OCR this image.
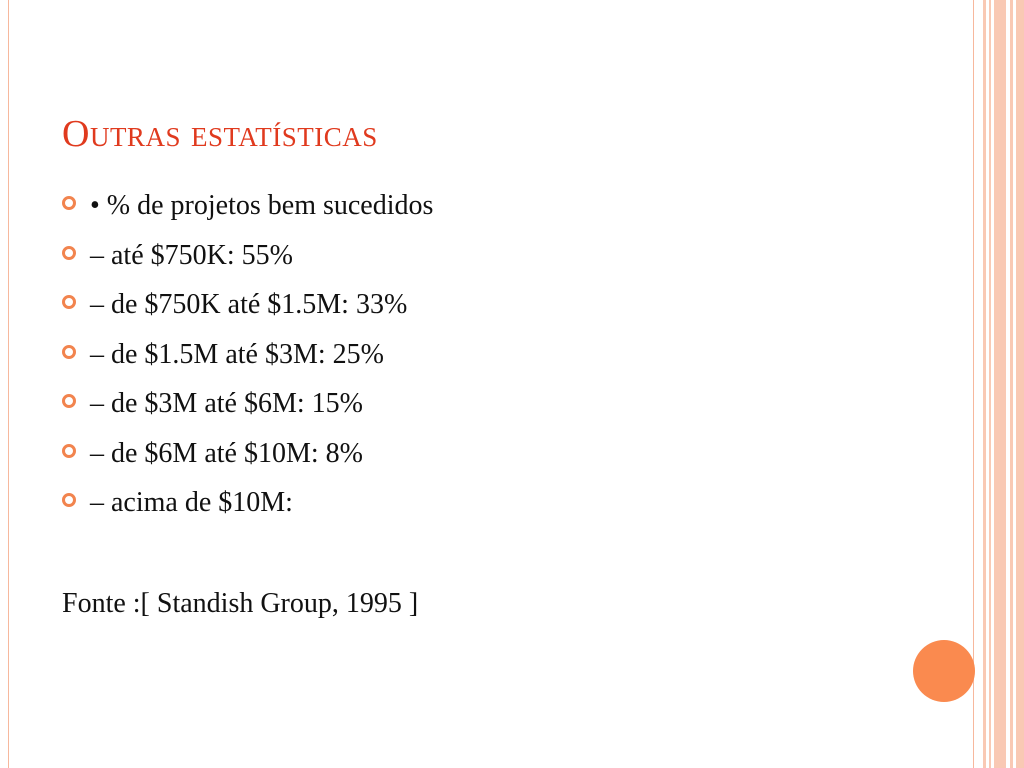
Outras estatísticas
• % de projetos bem sucedidos
– até $750K: 55%
– de $750K até $1.5M: 33%
– de $1.5M até $3M: 25%
– de $3M até $6M: 15%
– de $6M até $10M: 8%
– acima de $10M:
Fonte :[ Standish Group, 1995 ]
